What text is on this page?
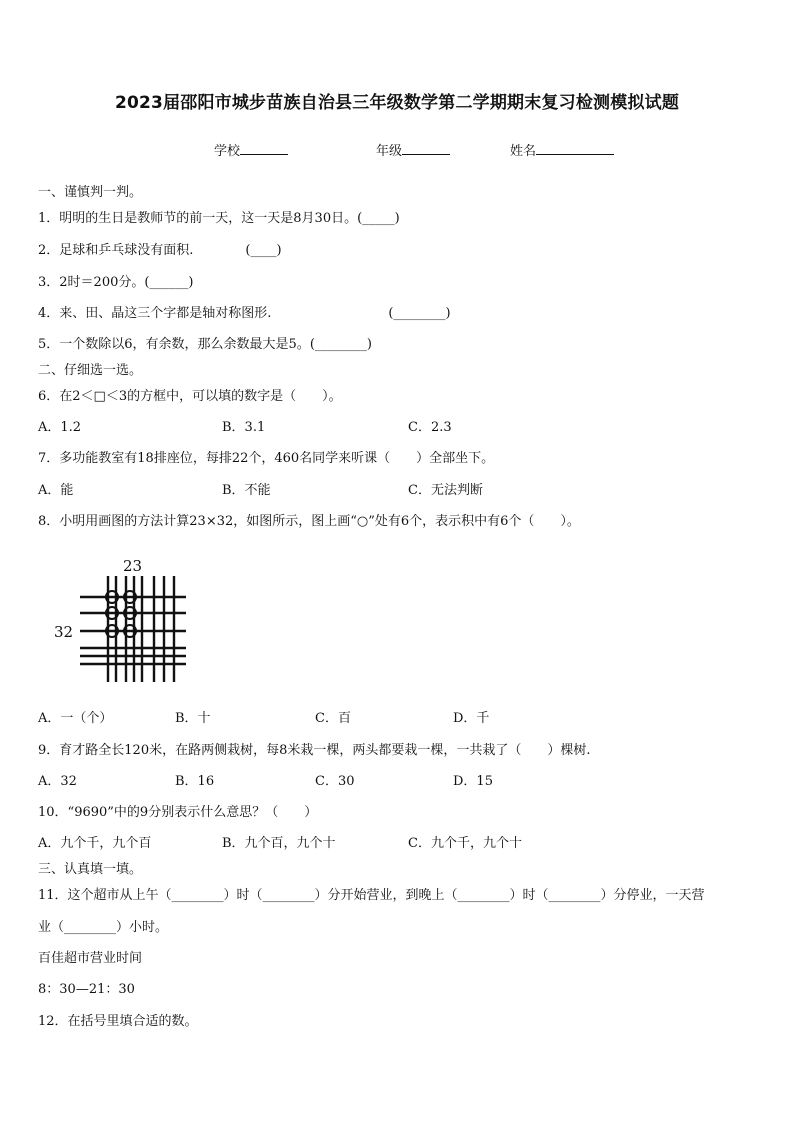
2023届邵阳市城步苗族自治县三年级数学第二学期期末复习检测模拟试题
学校	年级	姓名
一、谨慎判一判。
1．明明的生日是教师节的前一天，这一天是8月30日。(_____)
2．足球和乒乓球没有面积.　　　　(____)
3．2时＝200分。(______)
4．来、田、晶这三个字都是轴对称图形.　　　　　　　　　(________)
5．一个数除以6，有余数，那么余数最大是5。(________)
二、仔细选一选。
6．在2＜□＜3的方框中，可以填的数字是（　　）。
A．1.2	B．3.1	C．2.3
7．多功能教室有18排座位，每排22个，460名同学来听课（　　）全部坐下。
A．能	B．不能	C．无法判断
8．小明用画图的方法计算23×32，如图所示，图上画“○”处有6个，表示积中有6个（　　）。
23
32
A．一（个）	B．十	C．百	D．千
9．育才路全长120米，在路两侧栽树，每8米栽一棵，两头都要栽一棵，一共栽了（　　）棵树.
A．32	B．16	C．30	D．15
10．“9690”中的9分别表示什么意思？（　　）
A．九个千，九个百	B．九个百，九个十	C．九个千，九个十
三、认真填一填。
11．这个超市从上午（________）时（________）分开始营业，到晚上（________）时（________）分停业，一天营
业（________）小时。
百佳超市营业时间
8：30—21：30
12．在括号里填合适的数。
